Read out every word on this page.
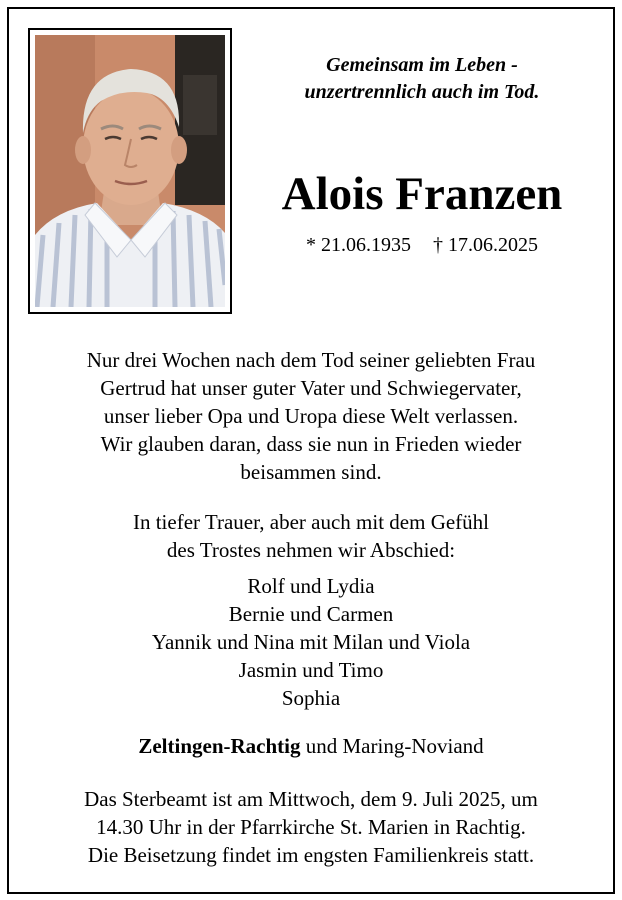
Gemeinsam im Leben -
unzertrennlich auch im Tod.
Alois Franzen
* 21.06.1935 † 17.06.2025
Nur drei Wochen nach dem Tod seiner geliebten Frau
Gertrud hat unser guter Vater und Schwiegervater,
unser lieber Opa und Uropa diese Welt verlassen.
Wir glauben daran, dass sie nun in Frieden wieder
beisammen sind.
In tiefer Trauer, aber auch mit dem Gefühl
des Trostes nehmen wir Abschied:
Rolf und Lydia
Bernie und Carmen
Yannik und Nina mit Milan und Viola
Jasmin und Timo
Sophia
Zeltingen-Rachtig und Maring-Noviand
Das Sterbeamt ist am Mittwoch, dem 9. Juli 2025, um
14.30 Uhr in der Pfarrkirche St. Marien in Rachtig.
Die Beisetzung findet im engsten Familienkreis statt.
